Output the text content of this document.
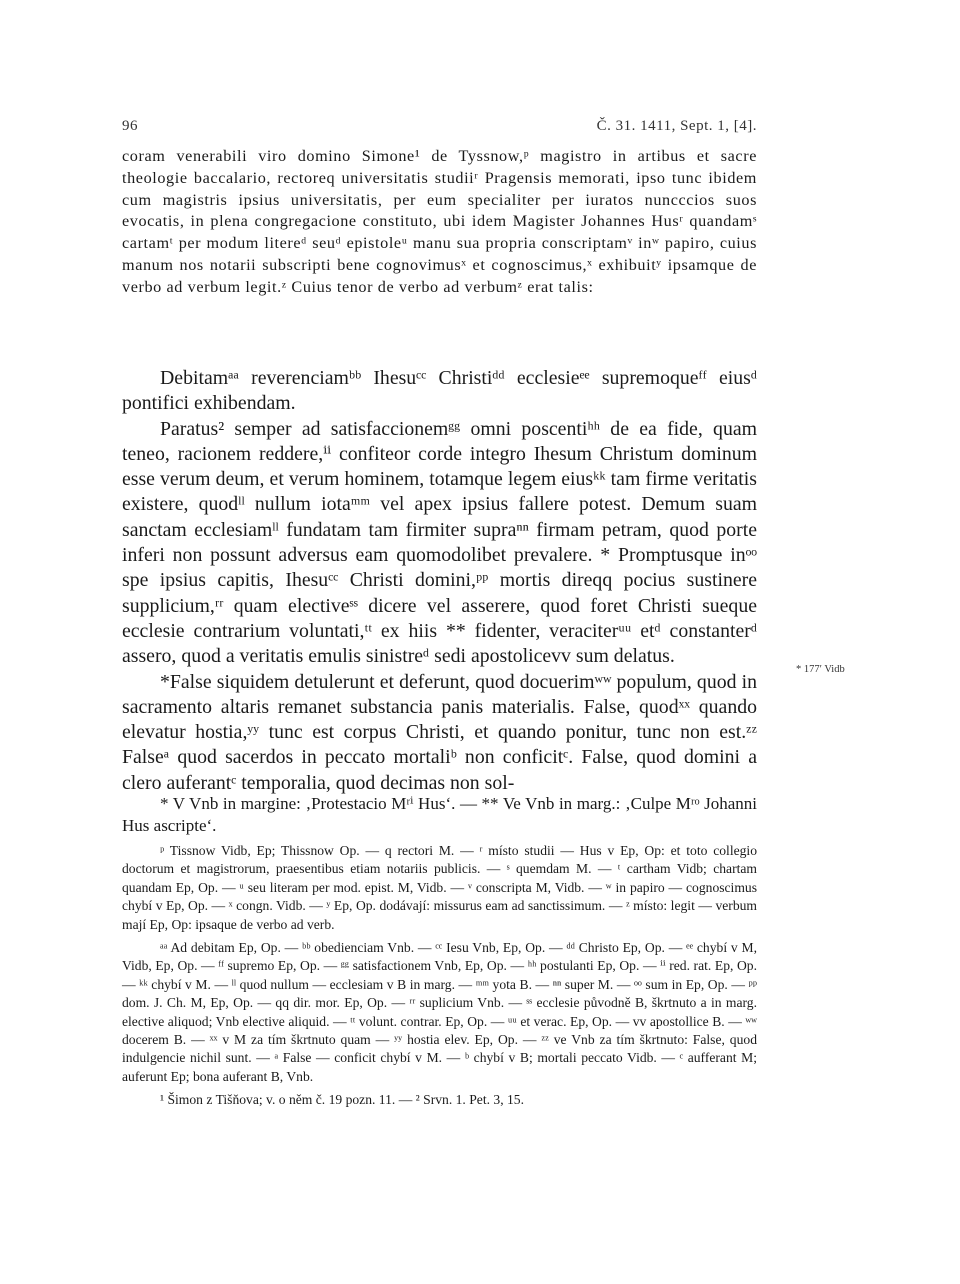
96	Č. 31. 1411, Sept. 1, [4].

coram venerabili viro domino Simone¹ de Tyssnow,ᵖ magistro in artibus et sacre theologie baccalario, rectoreq universitatis studiiʳ Pragensis memorati, ipso tunc ibidem cum magistris ipsius universitatis, per eum specialiter per iuratos nuncccios suos evocatis, in plena congregacione constituto, ubi idem Magister Johannes Husʳ quandamˢ cartamᵗ per modum litereᵈ seuᵈ epistoleᵘ manu sua propria conscriptamᵛ inʷ papiro, cuius manum nos notarii subscripti bene cognovimusˣ et cognoscimus,ˣ exhibuitʸ ipsamque de verbo ad verbum legit.ᶻ Cuius tenor de verbo ad verbumᶻ erat talis:

Debitamᵃᵃ reverenciamᵇᵇ Ihesuᶜᶜ Christiᵈᵈ ecclesieᵉᵉ supremoqueᶠᶠ eiusᵈ pontifici exhibendam.

Paratus² semper ad satisfaccionemᵍᵍ omni poscentiʰʰ de ea fide, quam teneo, racionem reddere,ⁱⁱ confiteor corde integro Ihesum Christum dominum esse verum deum, et verum hominem, totamque legem eiusᵏᵏ tam firme veritatis existere, quodˡˡ nullum iotaᵐᵐ vel apex ipsius fallere potest. Demum suam sanctam ecclesiamˡˡ fundatam tam firmiter supraⁿⁿ firmam petram, quod porte inferi non possunt adversus eam quomodolibet prevalere. * Promptusque inᵒᵒ spe ipsius capitis, Ihesuᶜᶜ Christi domini,ᵖᵖ mortis direqq pocius sustinere supplicium,ʳʳ quam electiveˢˢ dicere vel asserere, quod foret Christi sueque ecclesie contrarium voluntati,ᵗᵗ ex hiis ** fidenter, veraciterᵘᵘ etᵈ constanterᵈ assero, quod a veritatis emulis sinistreᵈ sedi apostolicevv sum delatus.

*False siquidem detulerunt et deferunt, quod docuerimʷʷ populum, quod in sacramento altaris remanet substancia panis materialis. False, quodˣˣ quando elevatur hostia,ʸʸ tunc est corpus Christi, et quando ponitur, tunc non est.ᶻᶻ Falseᵃ quod sacerdos in peccato mortaliᵇ non conficitᶜ. False, quod domini a clero auferantᶜ temporalia, quod decimas non sol-

* 177′ Vidb

* V Vnb in margine: ‚Protestacio Mʳⁱ Hus‘. — ** Ve Vnb in marg.: ‚Culpe Mʳᵒ Johanni Hus ascripte‘.

ᵖ Tissnow Vidb, Ep; Thissnow Op. — q rectori M. — ʳ místo studii — Hus v Ep, Op: et toto collegio doctorum et magistrorum, praesentibus etiam notariis publicis. — ˢ quemdam M. — ᵗ cartham Vidb; chartam quandam Ep, Op. — ᵘ seu literam per mod. epist. M, Vidb. — ᵛ conscripta M, Vidb. — ʷ in papiro — cognoscimus chybí v Ep, Op. — ˣ congn. Vidb. — ʸ Ep, Op. dodávají: missurus eam ad sanctissimum. — ᶻ místo: legit — verbum mají Ep, Op: ipsaque de verbo ad verb.

ᵃᵃ Ad debitam Ep, Op. — ᵇᵇ obedienciam Vnb. — ᶜᶜ Iesu Vnb, Ep, Op. — ᵈᵈ Christo Ep, Op. — ᵉᵉ chybí v M, Vidb, Ep, Op. — ᶠᶠ supremo Ep, Op. — ᵍᵍ satisfactionem Vnb, Ep, Op. — ʰʰ postulanti Ep, Op. — ⁱⁱ red. rat. Ep, Op. — ᵏᵏ chybí v M. — ˡˡ quod nullum — ecclesiam v B in marg. — ᵐᵐ yota B. — ⁿⁿ super M. — ᵒᵒ sum in Ep, Op. — ᵖᵖ dom. J. Ch. M, Ep, Op. — qq dir. mor. Ep, Op. — ʳʳ suplicium Vnb. — ˢˢ ecclesie původně B, škrtnuto a in marg. elective aliquod; Vnb elective aliquid. — ᵗᵗ volunt. contrar. Ep, Op. — ᵘᵘ et verac. Ep, Op. — vv apostollice B. — ʷʷ docerem B. — ˣˣ v M za tím škrtnuto quam — ʸʸ hostia elev. Ep, Op. — ᶻᶻ ve Vnb za tím škrtnuto: False, quod indulgencie nichil sunt. — ᵃ False — conficit chybí v M. — ᵇ chybí v B; mortali peccato Vidb. — ᶜ aufferant M; auferunt Ep; bona auferant B, Vnb.

¹ Šimon z Tišňova; v. o něm č. 19 pozn. 11. — ² Srvn. 1. Pet. 3, 15.
